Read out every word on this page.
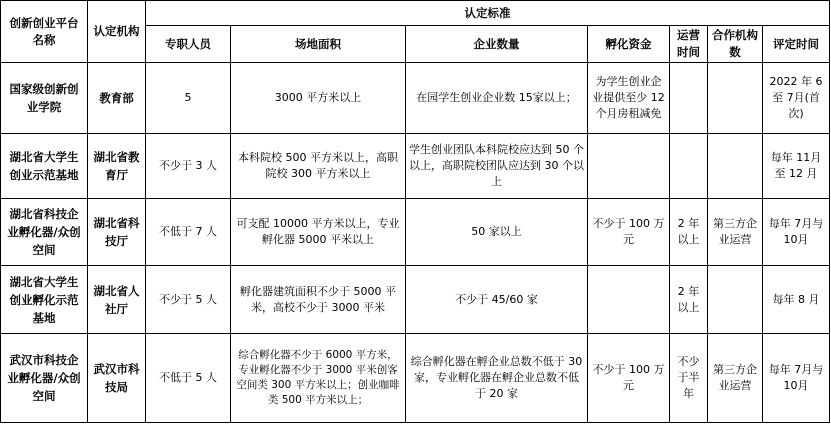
创新创业平台名称	认定机构	认定标准						
		专职人员	场地面积	企业数量	孵化资金	运营时间	合作机构数	评定时间
国家级创新创业学院	教育部	5	3000 平方米以上	在园学生创业企业数 15家以上；	为学生创业企业提供至少 12 个月房租减免			2022 年 6 至 7月(首次)
湖北省大学生创业示范基地	湖北省教育厅	不少于 3 人	本科院校 500 平方米以上，高职院校 300 平方米以上	学生创业团队本科院校应达到 50 个以上，高职院校团队应达到 30 个以上				每年 11月至 12 月
湖北省科技企业孵化器/众创空间	湖北省科技厅	不低于 7 人	可支配 10000 平方米以上，专业孵化器 5000 平米以上	50 家以上	不少于 100 万元	2 年以上	第三方企业运营	每年 7月与 10月
湖北省大学生创业孵化示范基地	湖北省人社厅	不少于 5 人	孵化器建筑面积不少于 5000 平米，高校不少于 3000 平米	不少于 45/60 家		2 年以上		每年 8 月
武汉市科技企业孵化器/众创空间	武汉市科技局	不低于 5 人	综合孵化器不少于 6000 平方米，专业孵化器不少于 3000 平米创客空间类 300 平方米以上；创业咖啡类 500 平方米以上；	综合孵化器在孵企业总数不低于 30家，专业孵化器在孵企业总数不低于 20 家	不少于 100 万元	不少于半年	第三方企业运营	每年 7月与 10月
